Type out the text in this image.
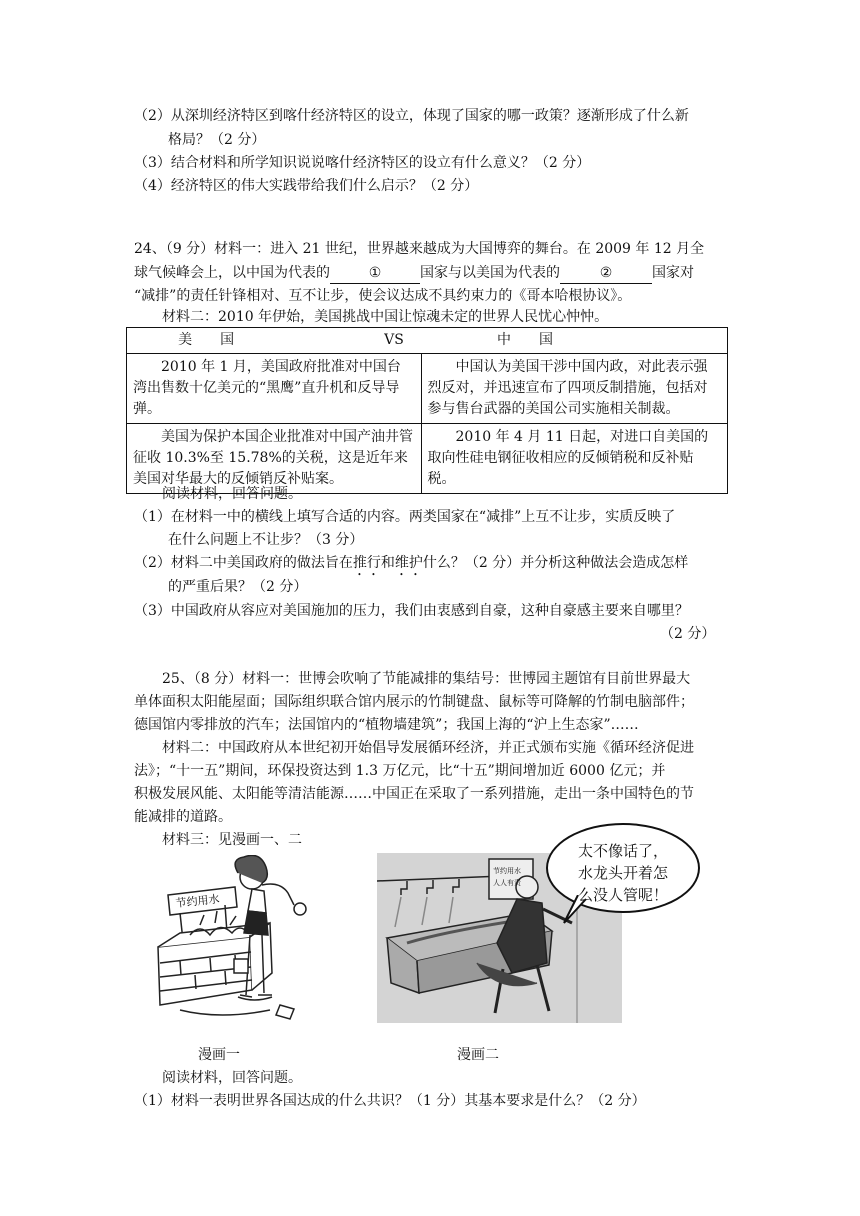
（2）从深圳经济特区到喀什经济特区的设立，体现了国家的哪一政策？逐渐形成了什么新
格局？（2 分）
（3）结合材料和所学知识说说喀什经济特区的设立有什么意义？（2 分）
（4）经济特区的伟大实践带给我们什么启示？（2 分）
24、（9 分）材料一：进入 21 世纪，世界越来越成为大国博弈的舞台。在 2009 年 12 月全
球气候峰会上，以中国为代表的	①	国家与以美国为代表的	②	国家对
“减排”的责任针锋相对、互不让步，使会议达成不具约束力的《哥本哈根协议》。
材料二：2010 年伊始，美国挑战中国让惊魂未定的世界人民忧心忡忡。
美　　国 VS	中　　国
2010 年 1 月，美国政府批准对中国台湾出售数十亿美元的“黑鹰”直升机和反导导弹。	中国认为美国干涉中国内政，对此表示强烈反对，并迅速宣布了四项反制措施，包括对参与售台武器的美国公司实施相关制裁。
美国为保护本国企业批准对中国产油井管征收 10.3%至 15.78%的关税，这是近年来美国对华最大的反倾销反补贴案。	2010 年 4 月 11 日起，对进口自美国的取向性硅电钢征收相应的反倾销税和反补贴税。
阅读材料，回答问题。
（1）在材料一中的横线上填写合适的内容。两类国家在“减排”上互不让步，实质反映了
在什么问题上不让步？（3 分）
（2）材料二中美国政府的做法旨在推行和维护什么？（2 分）并分析这种做法会造成怎样
的严重后果？（2 分）
（3）中国政府从容应对美国施加的压力，我们由衷感到自豪，这种自豪感主要来自哪里？
（2 分）
25、（8 分）材料一：世博会吹响了节能减排的集结号：世博园主题馆有目前世界最大
单体面积太阳能屋面；国际组织联合馆内展示的竹制键盘、鼠标等可降解的竹制电脑部件；
德国馆内零排放的汽车；法国馆内的“植物墙建筑”；我国上海的“沪上生态家”……
材料二：中国政府从本世纪初开始倡导发展循环经济，并正式颁布实施《循环经济促进
法》；“十一五”期间，环保投资达到 1.3 万亿元，比“十五”期间增加近 6000 亿元；并
积极发展风能、太阳能等清洁能源……中国正在采取了一系列措施，走出一条中国特色的节
能减排的道路。
材料三：见漫画一、二
节约用水
节约用水
人人有责
太不像话了，水龙头开着怎么没人管呢！
漫画一	漫画二
阅读材料，回答问题。
（1）材料一表明世界各国达成的什么共识？（1 分）其基本要求是什么？（2 分）
